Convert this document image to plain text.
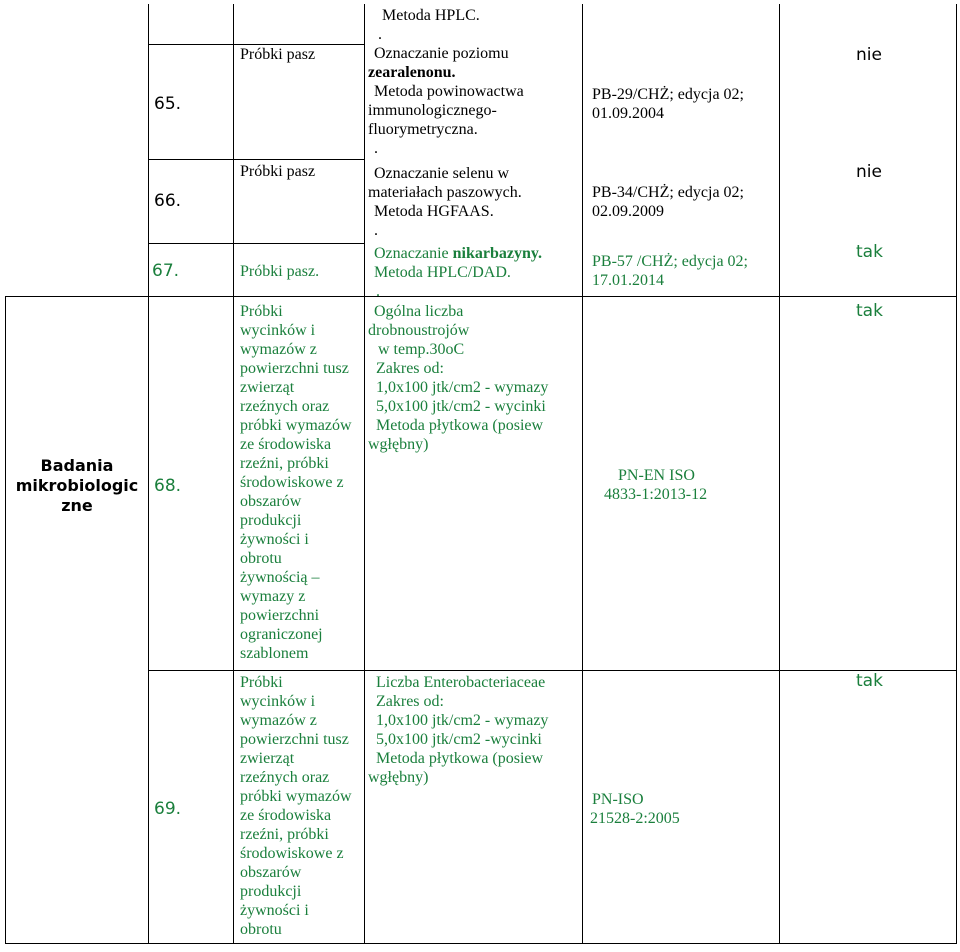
Badania
mikrobiologic
zne
65.
Próbki pasz
Metoda HPLC.
.
Oznaczanie poziomu
zearalenonu.
Metoda powinowactwa
immunologicznego-
fluorymetryczna.
.
PB-29/CHŻ; edycja 02;
01.09.2004
nie
66.
Próbki pasz	Oznaczanie selenu w
materiałach paszowych.
Metoda HGFAAS.
.
PB-34/CHŻ; edycja 02;
02.09.2009
nie
67.	Próbki pasz.
Oznaczanie nikarbazyny.
Metoda HPLC/DAD.
.
PB-57 /CHŻ; edycja 02;
17.01.2014
tak
68.
Próbki
wycinków i
wymazów z
powierzchni tusz
zwierząt
rzeźnych oraz
próbki wymazów
ze środowiska
rzeźni, próbki
środowiskowe z
obszarów
produkcji
żywności i
obrotu
żywnością –
wymazy z
powierzchni
ograniczonej
szablonem
Ogólna liczba
drobnoustrojów
w temp.30oC
Zakres od:
1,0x100 jtk/cm2 - wymazy
5,0x100 jtk/cm2 - wycinki
Metoda płytkowa (posiew
wgłębny)
PN-EN ISO
4833-1:2013-12
tak
69.
Próbki
wycinków i
wymazów z
powierzchni tusz
zwierząt
rzeźnych oraz
próbki wymazów
ze środowiska
rzeźni, próbki
środowiskowe z
obszarów
produkcji
żywności i
obrotu
Liczba Enterobacteriaceae
Zakres od:
1,0x100 jtk/cm2 - wymazy
5,0x100 jtk/cm2 -wycinki
Metoda płytkowa (posiew
wgłębny)
PN-ISO
21528-2:2005
tak
